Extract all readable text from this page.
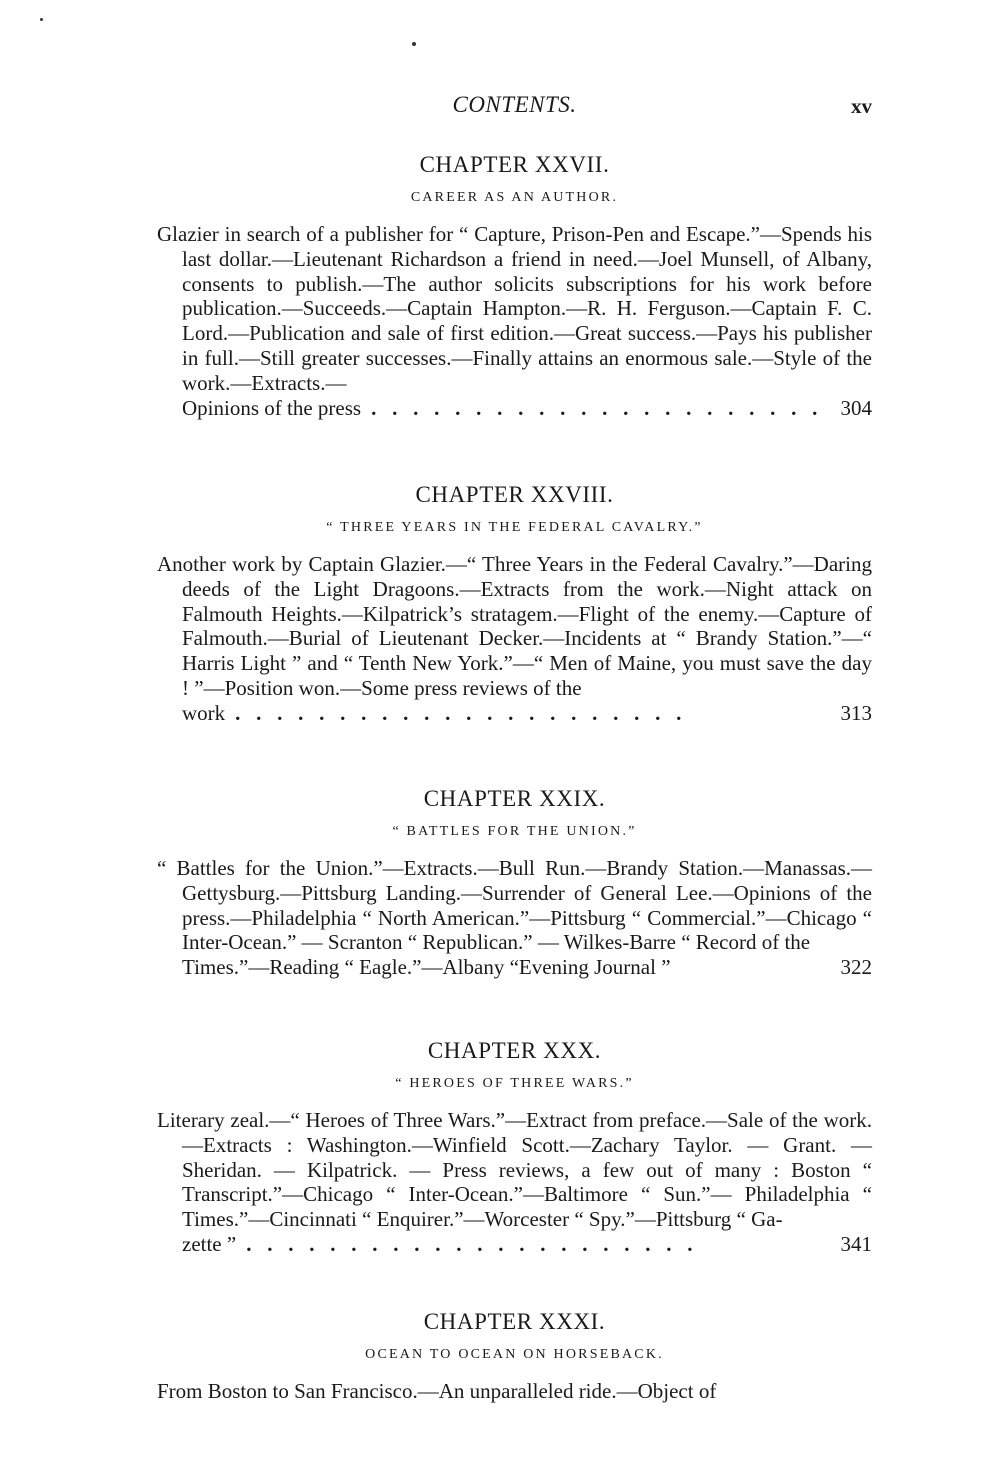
CONTENTS.	xv
CHAPTER XXVII.
CAREER AS AN AUTHOR.
Glazier in search of a publisher for “ Capture, Prison-Pen and Escape.”—Spends his last dollar.—Lieutenant Richardson a friend in need.—Joel Munsell, of Albany, consents to publish.—The author solicits subscriptions for his work before publication.—Succeeds.—Captain Hampton.—R. H. Ferguson.—Captain F. C. Lord.—Publication and sale of first edition.—Great success.—Pays his publisher in full.—Still greater successes.—Finally attains an enormous sale.—Style of the work.—Extracts.—
Opinions of the press . .	304
CHAPTER XXVIII.
“ THREE YEARS IN THE FEDERAL CAVALRY.”
Another work by Captain Glazier.—“ Three Years in the Federal Cavalry.”—Daring deeds of the Light Dragoons.—Extracts from the work.—Night attack on Falmouth Heights.—Kilpatrick’s stratagem.—Flight of the enemy.—Capture of Falmouth.—Burial of Lieutenant Decker.—Incidents at “ Brandy Station.”—“ Harris Light ” and “ Tenth New York.”—“ Men of Maine, you must save the day ! ”—Position won.—Some press reviews of the
work . .	313
CHAPTER XXIX.
“ BATTLES FOR THE UNION.”
“ Battles for the Union.”—Extracts.—Bull Run.—Brandy Station.—Manassas.—Gettysburg.—Pittsburg Landing.—Surrender of General Lee.—Opinions of the press.—Philadelphia “ North American.”—Pittsburg “ Commercial.”—Chicago “ Inter-Ocean.” — Scranton “ Republican.” — Wilkes-Barre “ Record of the
Times.”—Reading “ Eagle.”—Albany “Evening Journal ”	322
CHAPTER XXX.
“ HEROES OF THREE WARS.”
Literary zeal.—“ Heroes of Three Wars.”—Extract from preface.—Sale of the work.—Extracts : Washington.—Winfield Scott.—Zachary Taylor. — Grant. — Sheridan. — Kilpatrick. — Press reviews, a few out of many : Boston “ Transcript.”—Chicago “ Inter-Ocean.”—Baltimore “ Sun.”— Philadelphia “ Times.”—Cincinnati “ Enquirer.”—Worcester “ Spy.”—Pittsburg “ Ga-
zette ” . .	341
CHAPTER XXXI.
OCEAN TO OCEAN ON HORSEBACK.
From Boston to San Francisco.—An unparalleled ride.—Object of
